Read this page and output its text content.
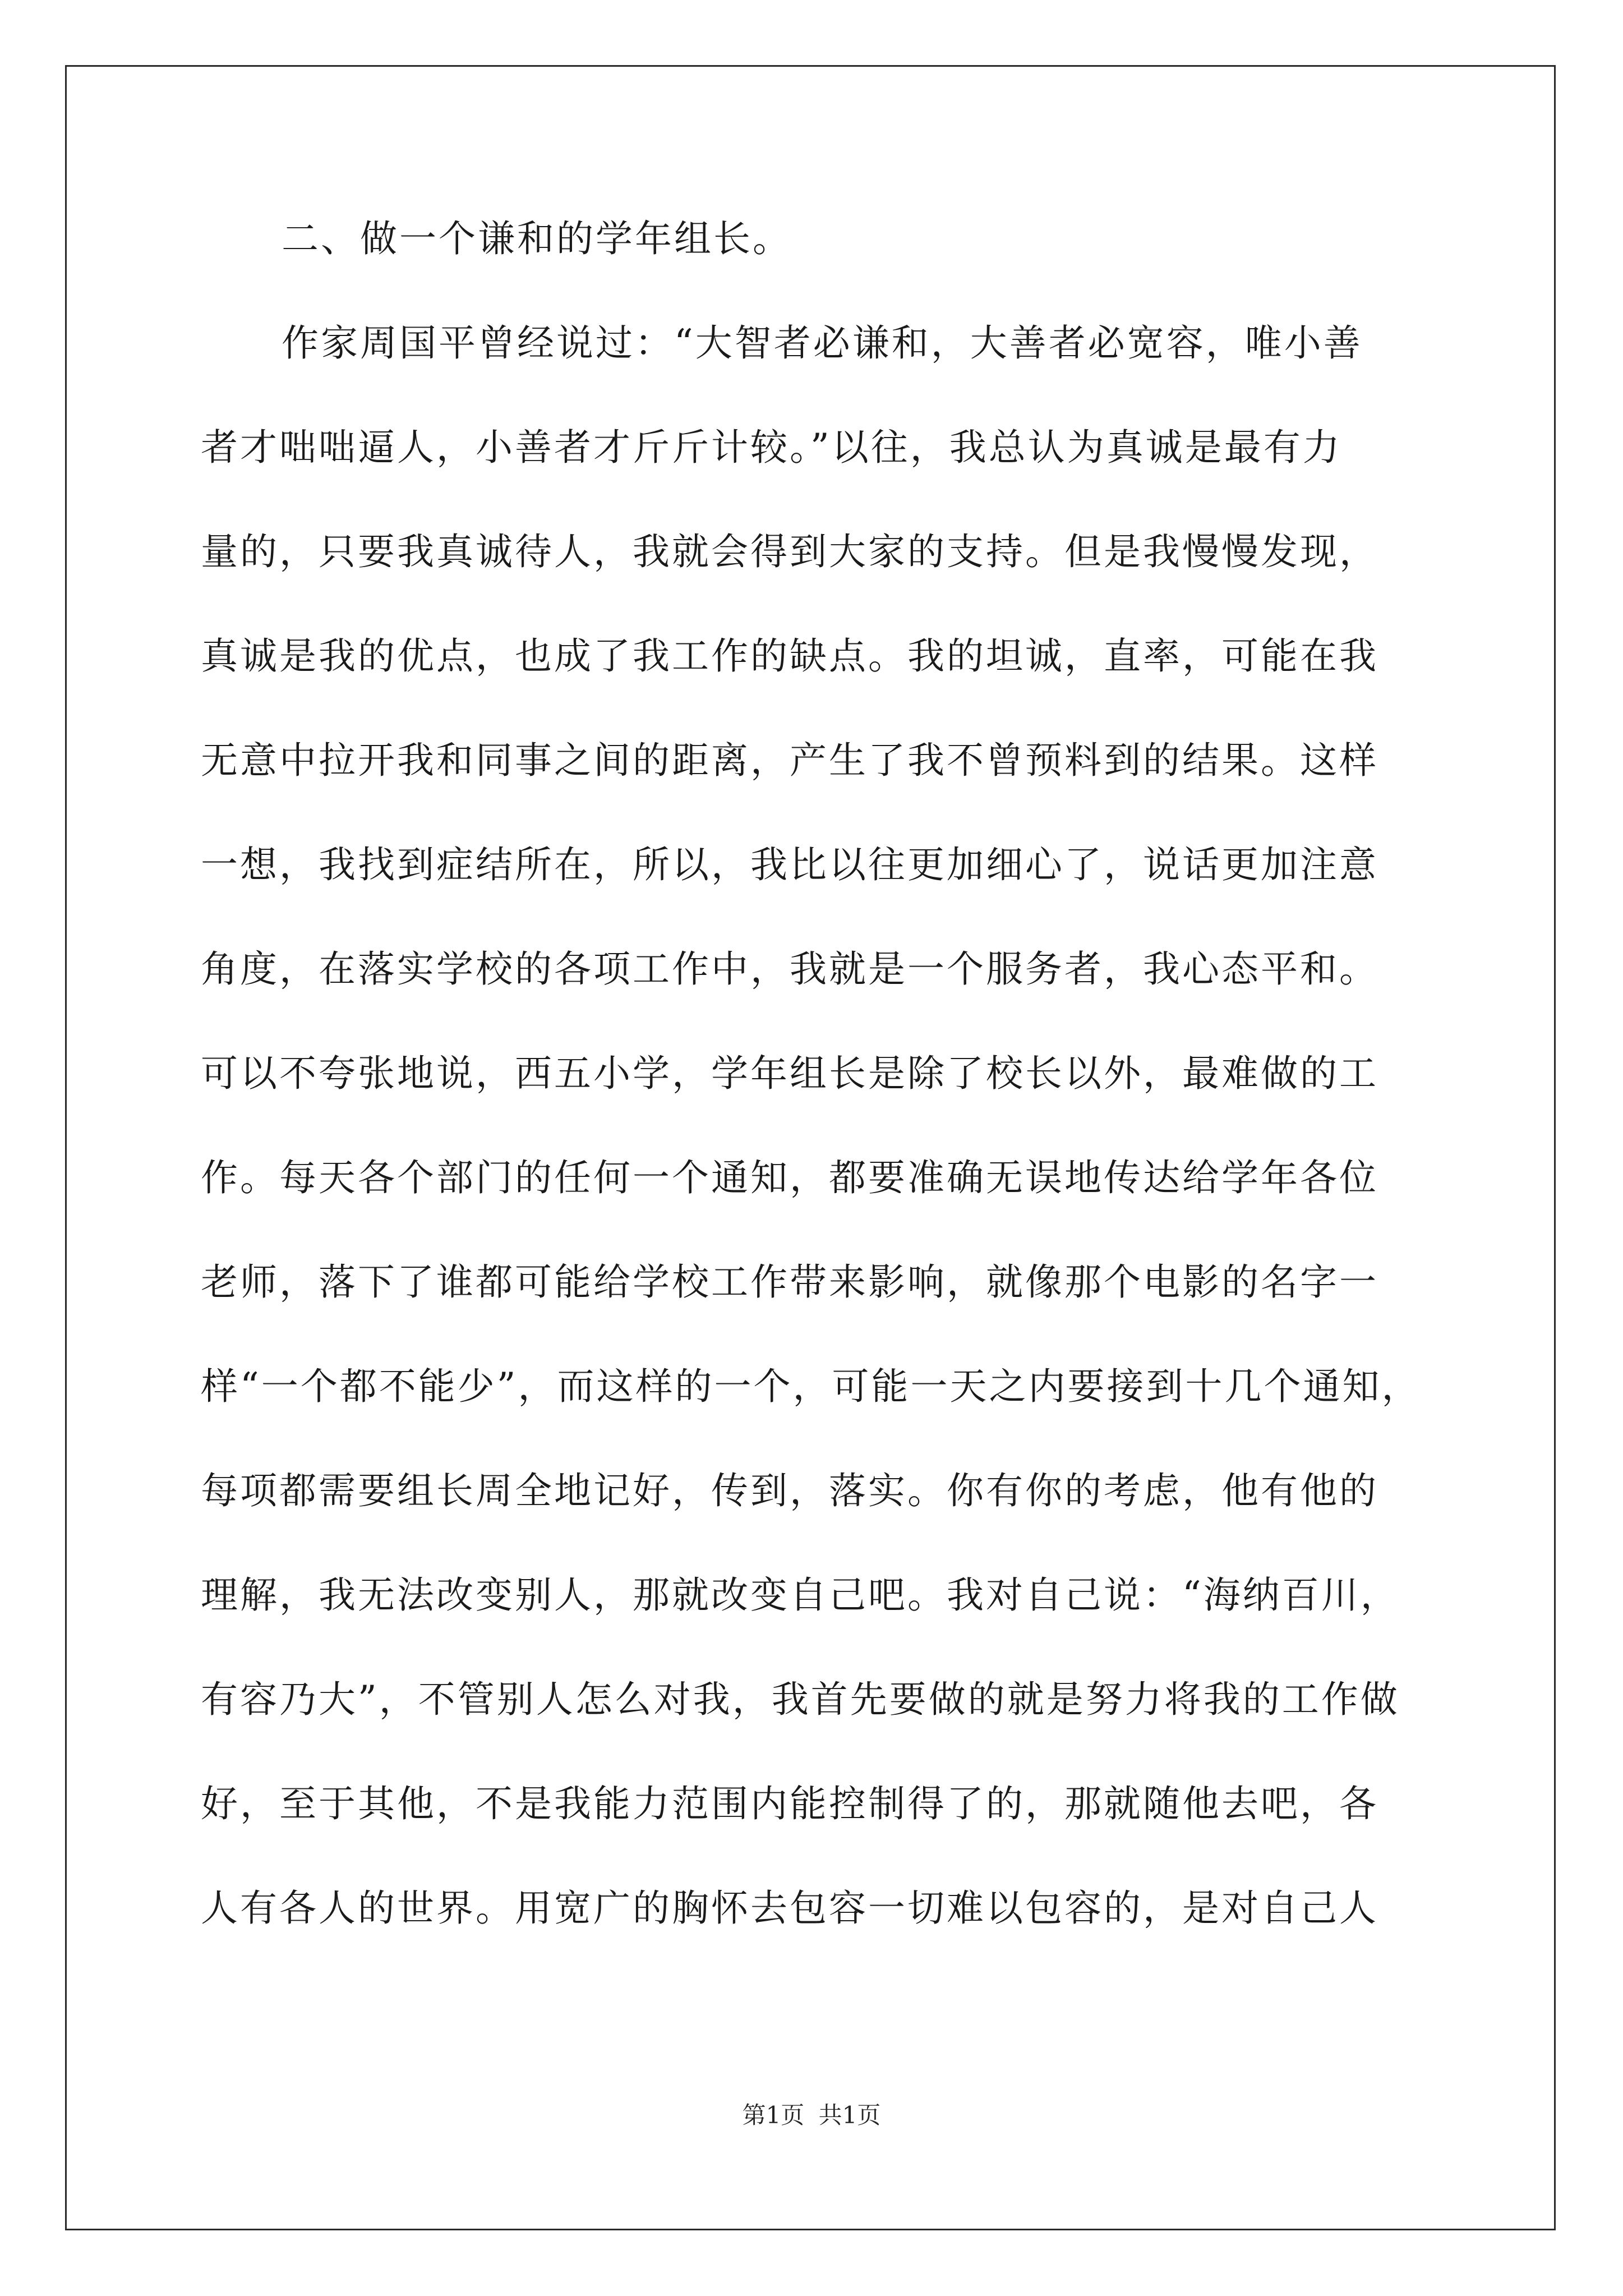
二、做一个谦和的学年组长。
作家周国平曾经说过：“大智者必谦和，大善者必宽容，唯小善
者才咄咄逼人，小善者才斤斤计较。”以往，我总认为真诚是最有力
量的，只要我真诚待人，我就会得到大家的支持。但是我慢慢发现，
真诚是我的优点，也成了我工作的缺点。我的坦诚，直率，可能在我
无意中拉开我和同事之间的距离，产生了我不曾预料到的结果。这样
一想，我找到症结所在，所以，我比以往更加细心了，说话更加注意
角度，在落实学校的各项工作中，我就是一个服务者，我心态平和。
可以不夸张地说，西五小学，学年组长是除了校长以外，最难做的工
作。每天各个部门的任何一个通知，都要准确无误地传达给学年各位
老师，落下了谁都可能给学校工作带来影响，就像那个电影的名字一
样“一个都不能少”，而这样的一个，可能一天之内要接到十几个通知，
每项都需要组长周全地记好，传到，落实。你有你的考虑，他有他的
理解，我无法改变别人，那就改变自己吧。我对自己说：“海纳百川，
有容乃大”，不管别人怎么对我，我首先要做的就是努力将我的工作做
好，至于其他，不是我能力范围内能控制得了的，那就随他去吧，各
人有各人的世界。用宽广的胸怀去包容一切难以包容的，是对自己人
第1页 共1页
